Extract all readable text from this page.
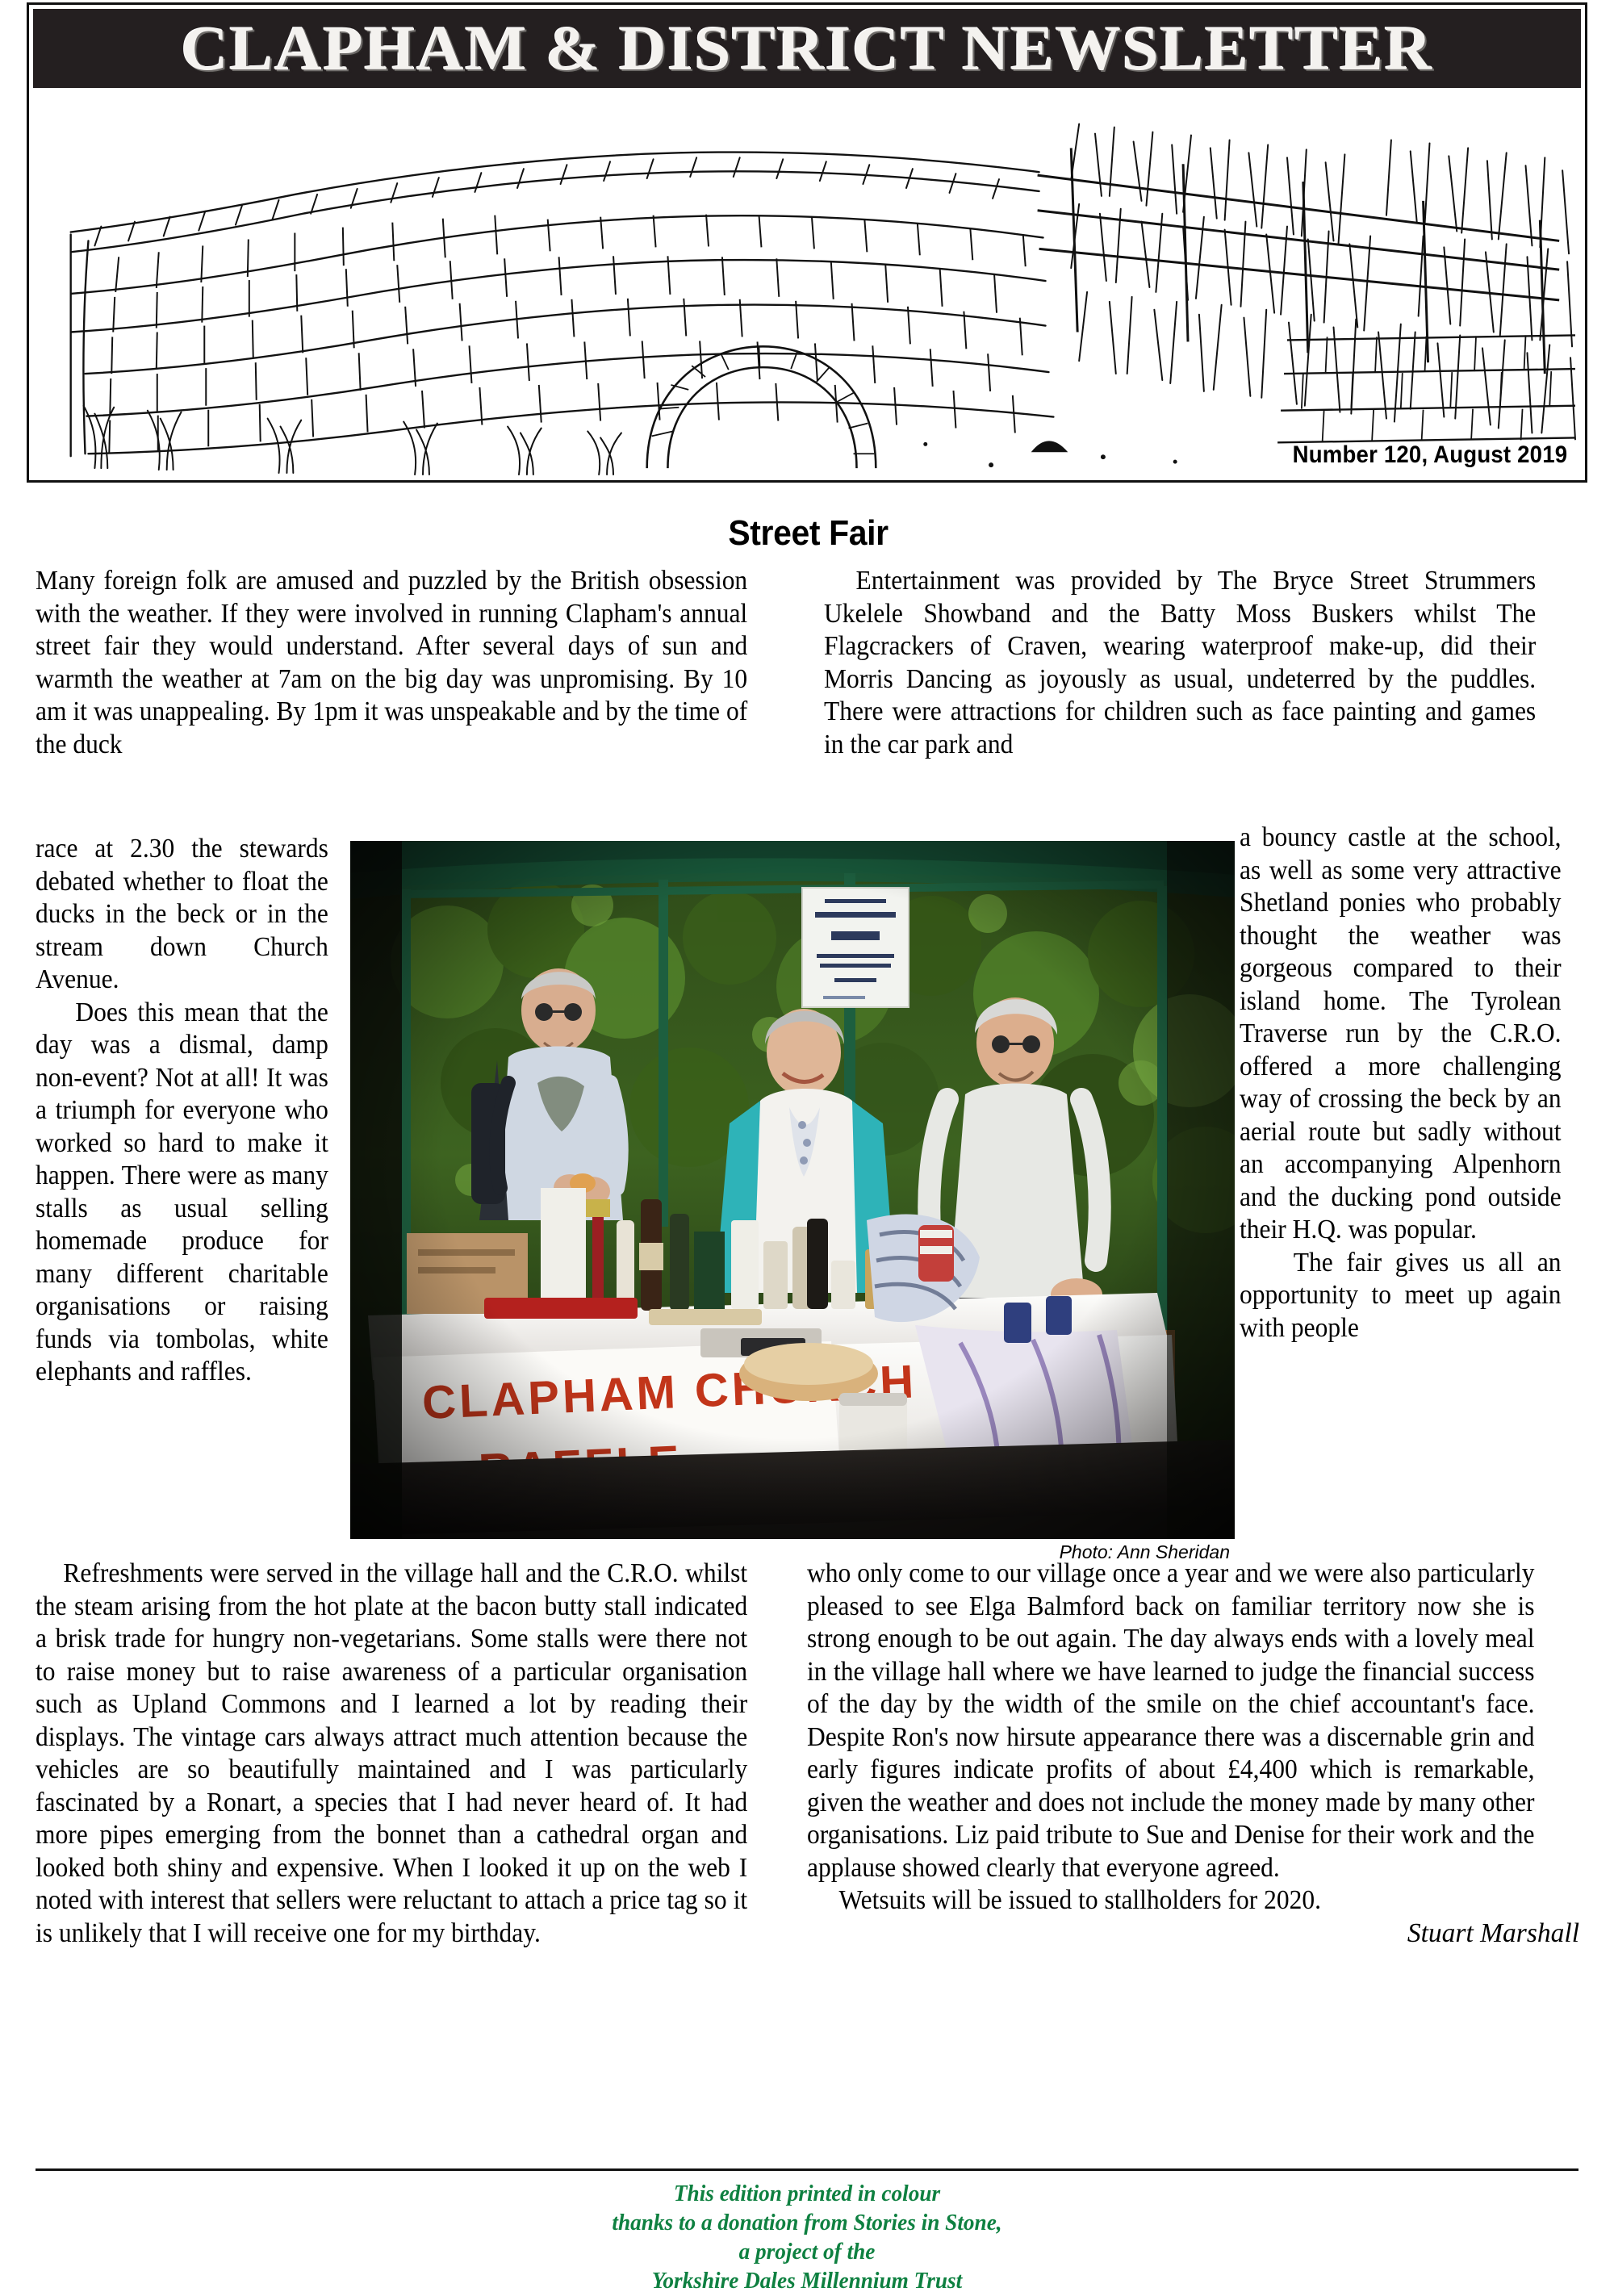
CLAPHAM & DISTRICT NEWSLETTER
Number 120, August 2019
Street Fair

Many foreign folk are amused and puzzled by the British obsession with the weather. If they were involved in running Clapham's annual street fair they would understand. After several days of sun and warmth the weather at 7am on the big day was unpromising. By 10 am it was unappealing. By 1pm it was unspeakable and by the time of the duck

Entertainment was provided by The Bryce Street Strummers Ukelele Showband and the Batty Moss Buskers whilst The Flagcrackers of Craven, wearing waterproof make-up, did their Morris Dancing as joyously as usual, undeterred by the puddles. There were attractions for children such as face painting and games in the car park and

Photo: Ann Sheridan

race at 2.30 the stewards debated whether to float the ducks in the beck or in the stream down Church Avenue.
Does this mean that the day was a dismal, damp non-event? Not at all! It was a triumph for everyone who worked so hard to make it happen. There were as many stalls as usual selling homemade produce for many different charitable organisations or raising funds via tombolas, white elephants and raffles.

a bouncy castle at the school, as well as some very attractive Shetland ponies who probably thought the weather was gorgeous compared to their island home. The Tyrolean Traverse run by the C.R.O. offered a more challenging way of crossing the beck by an aerial route but sadly without an accompanying Alpenhorn and the ducking pond outside their H.Q. was popular.
The fair gives us all an opportunity to meet up again with people

Refreshments were served in the village hall and the C.R.O. whilst the steam arising from the hot plate at the bacon butty stall indicated a brisk trade for hungry non-vegetarians. Some stalls were there not to raise money but to raise awareness of a particular organisation such as Upland Commons and I learned a lot by reading their displays. The vintage cars always attract much attention because the vehicles are so beautifully maintained and I was particularly fascinated by a Ronart, a species that I had never heard of. It had more pipes emerging from the bonnet than a cathedral organ and looked both shiny and expensive. When I looked it up on the web I noted with interest that sellers were reluctant to attach a price tag so it is unlikely that I will receive one for my birthday.

who only come to our village once a year and we were also particularly pleased to see Elga Balmford back on familiar territory now she is strong enough to be out again. The day always ends with a lovely meal in the village hall where we have learned to judge the financial success of the day by the width of the smile on the chief accountant's face. Despite Ron's now hirsute appearance there was a discernable grin and early figures indicate profits of about £4,400 which is remarkable, given the weather and does not include the money made by many other organisations. Liz paid tribute to Sue and Denise for their work and the applause showed clearly that everyone agreed.

Wetsuits will be issued to stallholders for 2020.

Stuart Marshall

This edition printed in colour
thanks to a donation from Stories in Stone,
a project of the
Yorkshire Dales Millennium Trust
